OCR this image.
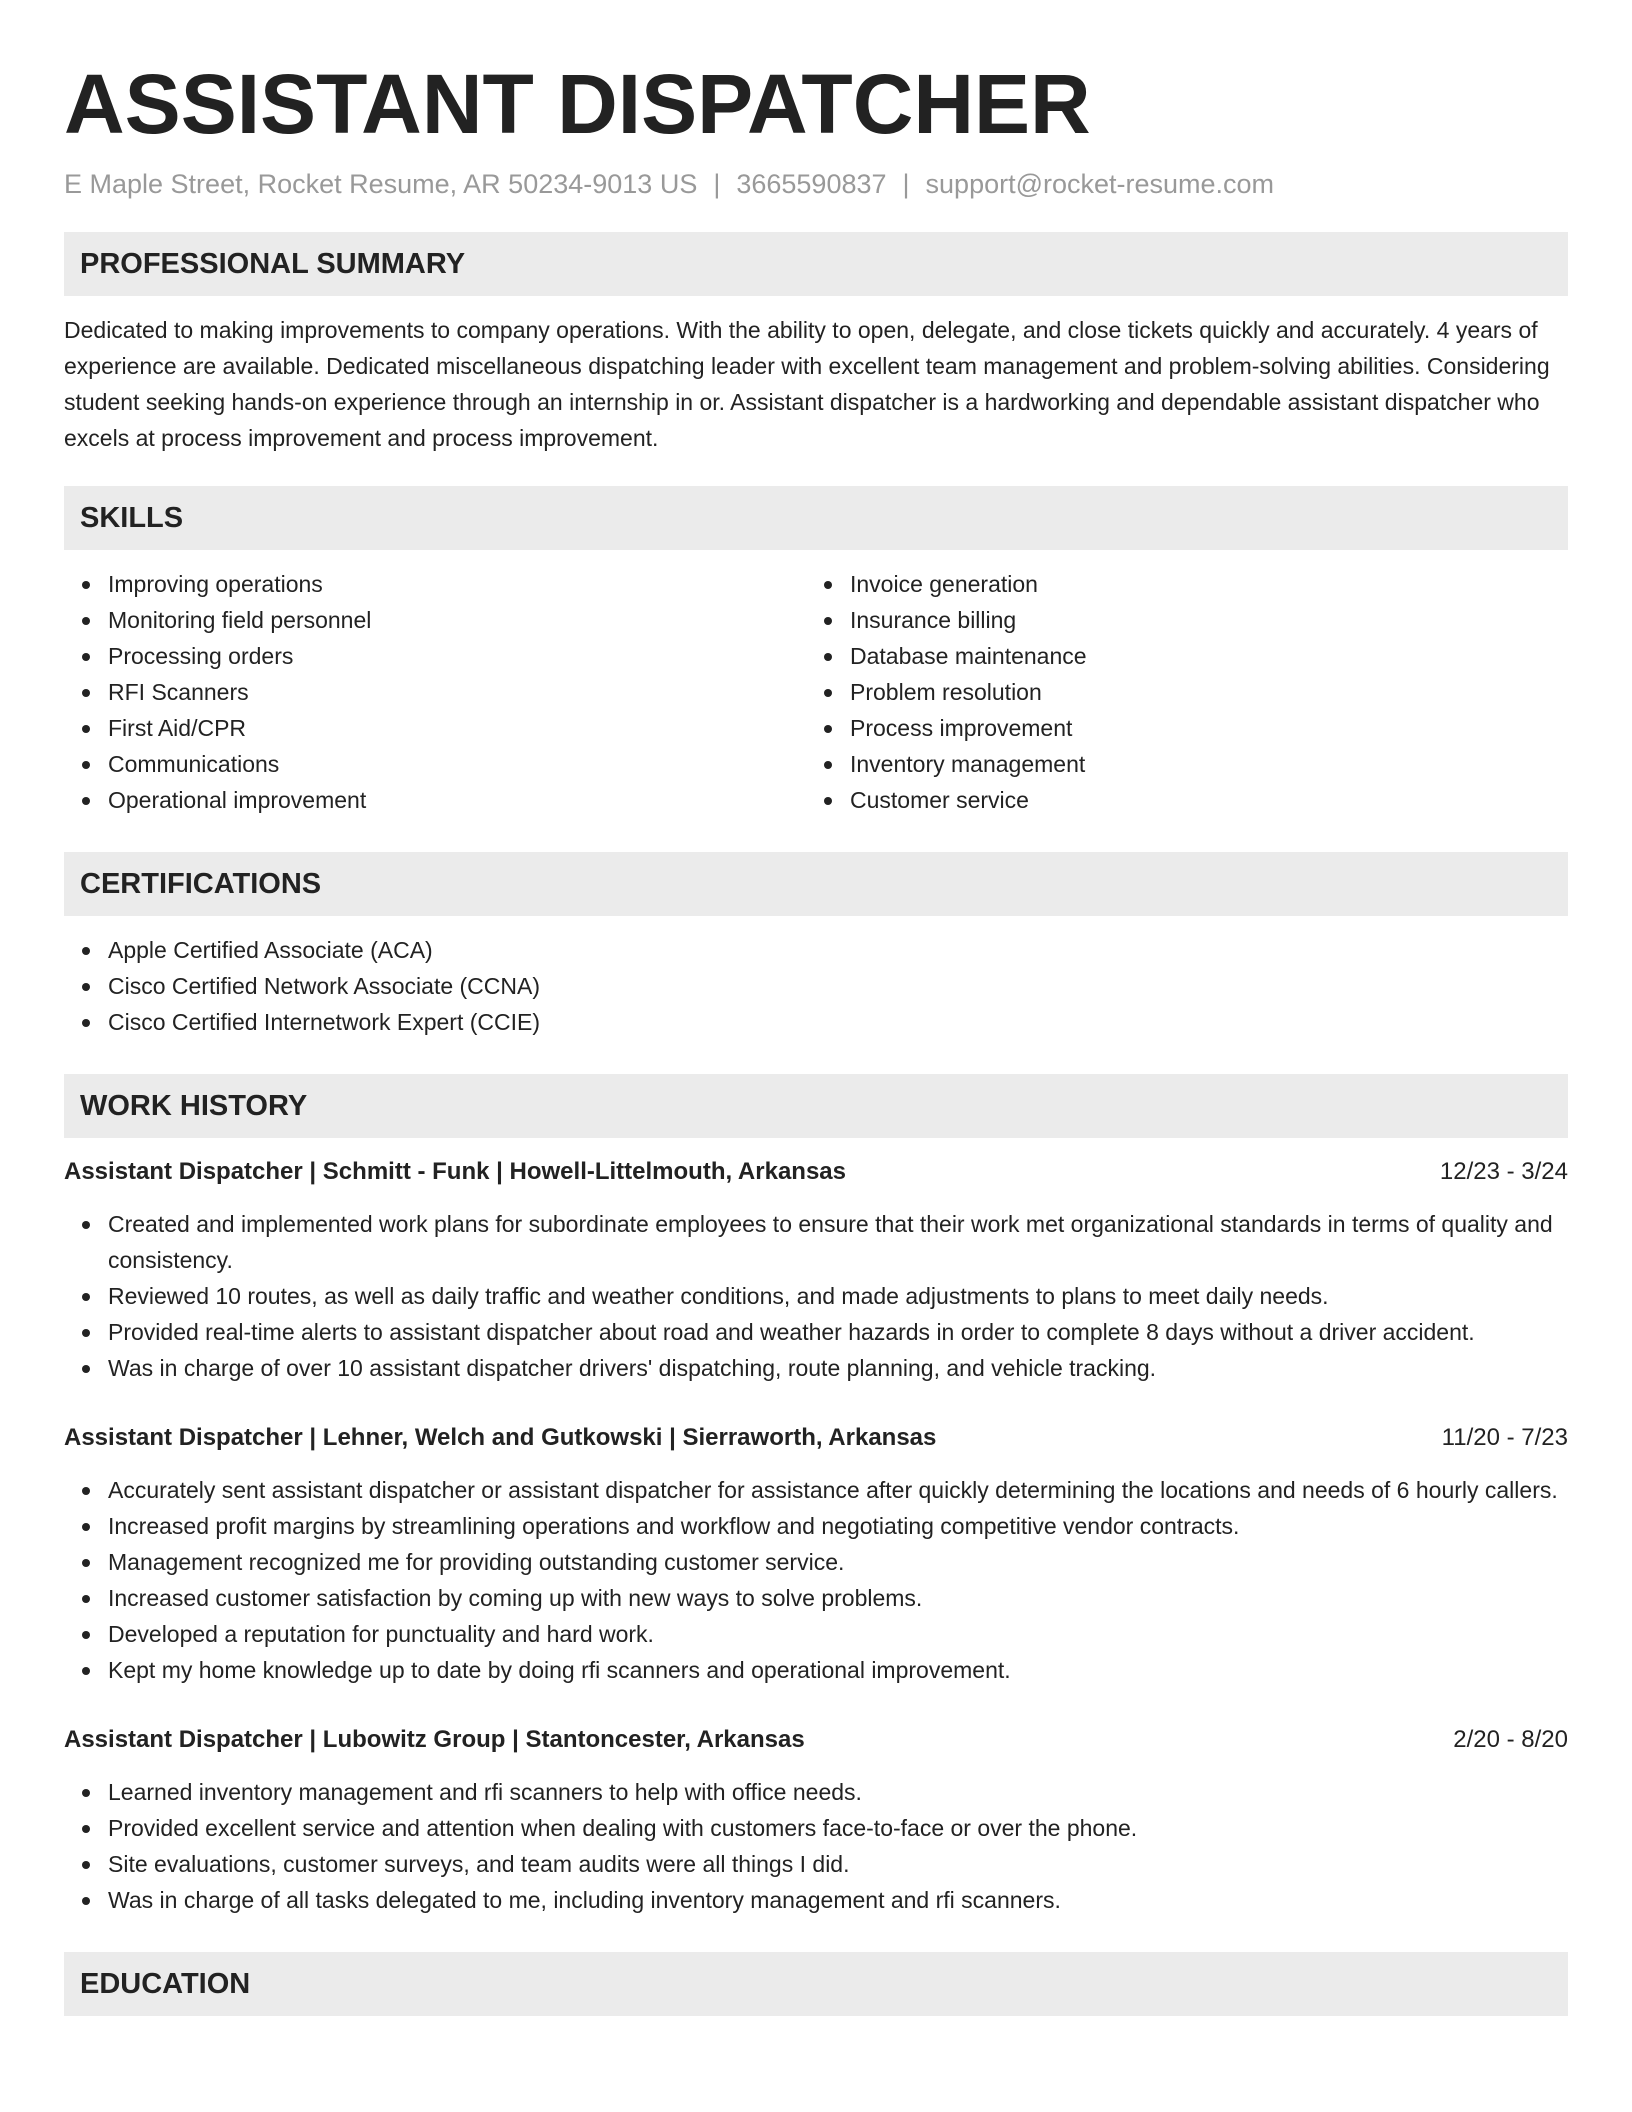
ASSISTANT DISPATCHER
E Maple Street, Rocket Resume, AR 50234-9013 US | 3665590837 | support@rocket-resume.com
PROFESSIONAL SUMMARY

Dedicated to making improvements to company operations. With the ability to open, delegate, and close tickets quickly and accurately. 4 years of experience are available. Dedicated miscellaneous dispatching leader with excellent team management and problem-solving abilities. Considering student seeking hands-on experience through an internship in or. Assistant dispatcher is a hardworking and dependable assistant dispatcher who excels at process improvement and process improvement.

SKILLS
Improving operations
Monitoring field personnel
Processing orders
RFI Scanners
First Aid/CPR
Communications
Operational improvement
Invoice generation
Insurance billing
Database maintenance
Problem resolution
Process improvement
Inventory management
Customer service
CERTIFICATIONS
Apple Certified Associate (ACA)
Cisco Certified Network Associate (CCNA)
Cisco Certified Internetwork Expert (CCIE)
WORK HISTORY
Assistant Dispatcher | Schmitt - Funk | Howell-Littelmouth, Arkansas	12/23 - 3/24
Created and implemented work plans for subordinate employees to ensure that their work met organizational standards in terms of quality and consistency.
Reviewed 10 routes, as well as daily traffic and weather conditions, and made adjustments to plans to meet daily needs.
Provided real-time alerts to assistant dispatcher about road and weather hazards in order to complete 8 days without a driver accident.
Was in charge of over 10 assistant dispatcher drivers' dispatching, route planning, and vehicle tracking.
Assistant Dispatcher | Lehner, Welch and Gutkowski | Sierraworth, Arkansas	11/20 - 7/23
Accurately sent assistant dispatcher or assistant dispatcher for assistance after quickly determining the locations and needs of 6 hourly callers.
Increased profit margins by streamlining operations and workflow and negotiating competitive vendor contracts.
Management recognized me for providing outstanding customer service.
Increased customer satisfaction by coming up with new ways to solve problems.
Developed a reputation for punctuality and hard work.
Kept my home knowledge up to date by doing rfi scanners and operational improvement.
Assistant Dispatcher | Lubowitz Group | Stantoncester, Arkansas	2/20 - 8/20
Learned inventory management and rfi scanners to help with office needs.
Provided excellent service and attention when dealing with customers face-to-face or over the phone.
Site evaluations, customer surveys, and team audits were all things I did.
Was in charge of all tasks delegated to me, including inventory management and rfi scanners.
EDUCATION
